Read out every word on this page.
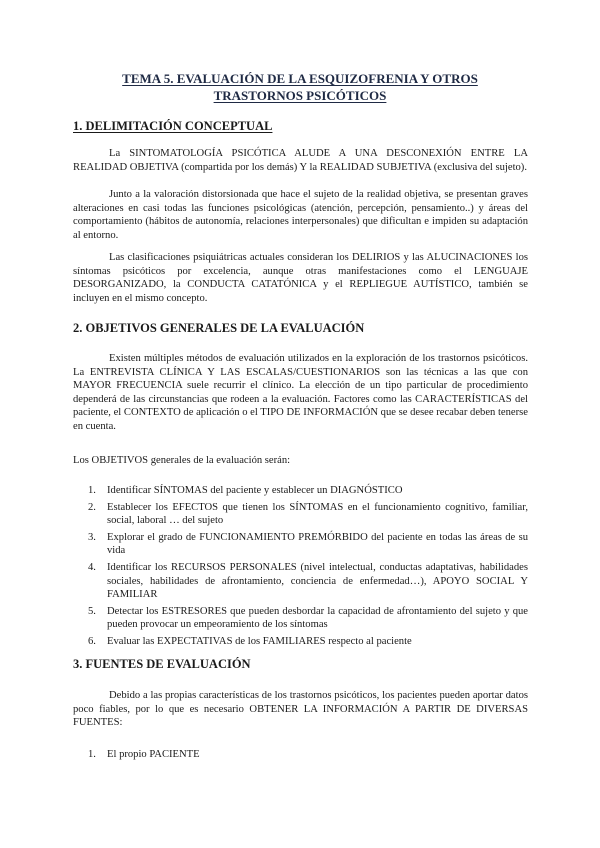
TEMA 5. EVALUACIÓN DE LA ESQUIZOFRENIA Y OTROS
TRASTORNOS PSICÓTICOS
1. DELIMITACIÓN CONCEPTUAL

La SINTOMATOLOGÍA PSICÓTICA ALUDE A UNA DESCONEXIÓN ENTRE LA REALIDAD OBJETIVA (compartida por los demás) Y la REALIDAD SUBJETIVA (exclusiva del sujeto).

Junto a la valoración distorsionada que hace el sujeto de la realidad objetiva, se presentan graves alteraciones en casi todas las funciones psicológicas (atención, percepción, pensamiento..) y áreas del comportamiento (hábitos de autonomía, relaciones interpersonales) que dificultan e impiden su adaptación al entorno.

Las clasificaciones psiquiátricas actuales consideran los DELIRIOS y las ALUCINACIONES los síntomas psicóticos por excelencia, aunque otras manifestaciones como el LENGUAJE DESORGANIZADO, la CONDUCTA CATATÓNICA y el REPLIEGUE AUTÍSTICO, también se incluyen en el mismo concepto.

2. OBJETIVOS GENERALES DE LA EVALUACIÓN

Existen múltiples métodos de evaluación utilizados en la exploración de los trastornos psicóticos. La ENTREVISTA CLÍNICA Y LAS ESCALAS/CUESTIONARIOS son las técnicas a las que con MAYOR FRECUENCIA suele recurrir el clínico. La elección de un tipo particular de procedimiento dependerá de las circunstancias que rodeen a la evaluación. Factores como las CARACTERÍSTICAS del paciente, el CONTEXTO de aplicación o el TIPO DE INFORMACIÓN que se desee recabar deben tenerse en cuenta.

Los OBJETIVOS generales de la evaluación serán:

1. Identificar SÍNTOMAS del paciente y establecer un DIAGNÓSTICO
2. Establecer los EFECTOS que tienen los SÍNTOMAS en el funcionamiento cognitivo, familiar, social, laboral … del sujeto
3. Explorar el grado de FUNCIONAMIENTO PREMÓRBIDO del paciente en todas las áreas de su vida
4. Identificar los RECURSOS PERSONALES (nivel intelectual, conductas adaptativas, habilidades sociales, habilidades de afrontamiento, conciencia de enfermedad…), APOYO SOCIAL Y FAMILIAR
5. Detectar los ESTRESORES que pueden desbordar la capacidad de afrontamiento del sujeto y que pueden provocar un empeoramiento de los síntomas
6. Evaluar las EXPECTATIVAS de los FAMILIARES respecto al paciente
3. FUENTES DE EVALUACIÓN

Debido a las propias características de los trastornos psicóticos, los pacientes pueden aportar datos poco fiables, por lo que es necesario OBTENER LA INFORMACIÓN A PARTIR DE DIVERSAS FUENTES:

1. El propio PACIENTE
